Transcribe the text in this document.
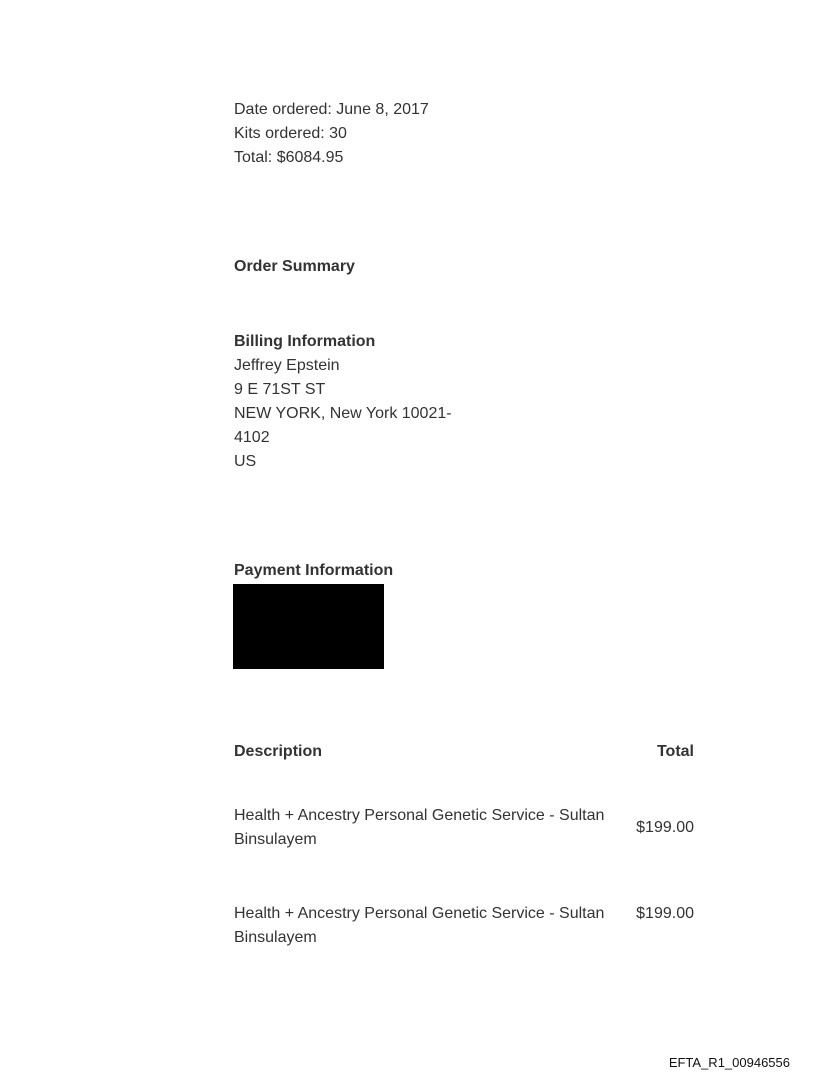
Date ordered: June 8, 2017
Kits ordered: 30
Total: $6084.95
Order Summary
Billing Information
Jeffrey Epstein
9 E 71ST ST
NEW YORK, New York 10021-
4102
US
Payment Information
Description	Total
Health + Ancestry Personal Genetic Service - Sultan Binsulayem
$199.00
Health + Ancestry Personal Genetic Service - Sultan Binsulayem
$199.00
EFTA_R1_00946556
